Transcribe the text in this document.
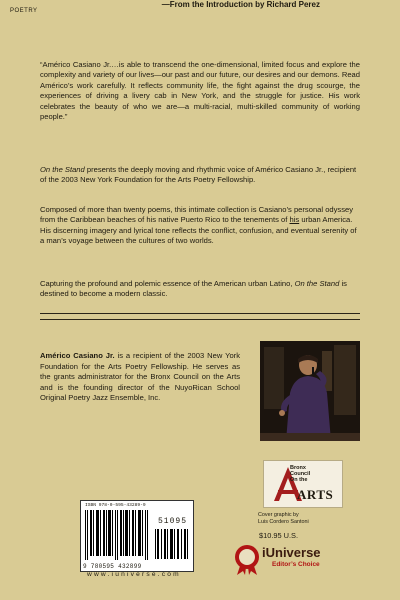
POETRY
“Américo Casiano Jr.…is able to transcend the one-dimensional, limited focus and explore the complexity and variety of our lives—our past and our future, our desires and our demons. Read Américo’s work carefully. It reflects community life, the fight against the drug scourge, the experiences of driving a livery cab in New York, and the struggle for justice. His work celebrates the beauty of who we are—a multi-racial, multi-skilled community of working people.”
—From the Introduction by Richard Perez
On the Stand presents the deeply moving and rhythmic voice of Américo Casiano Jr., recipient of the 2003 New York Foundation for the Arts Poetry Fellowship.
Composed of more than twenty poems, this intimate collection is Casiano’s personal odyssey from the Caribbean beaches of his native Puerto Rico to the tenements of his urban America. His discerning imagery and lyrical tone reflects the conflict, confusion, and eventual serenity of a man’s voyage between the cultures of two worlds.
Capturing the profound and polemic essence of the American urban Latino, On the Stand is destined to become a modern classic.
Américo Casiano Jr. is a recipient of the 2003 New York Foundation for the Arts Poetry Fellowship. He serves as the grants administrator for the Bronx Council on the Arts and is the founding director of the NuyoRican School Original Poetry Jazz Ensemble, Inc.
ISBN 978-0-595-43289-9
51095
9 780595 432899
www.iuniverse.com
Bronx
Council
On the
ARTS
Cover graphic by
Luis Cordero Santoni
$10.95 U.S.
iUniverse
Editor’s Choice
